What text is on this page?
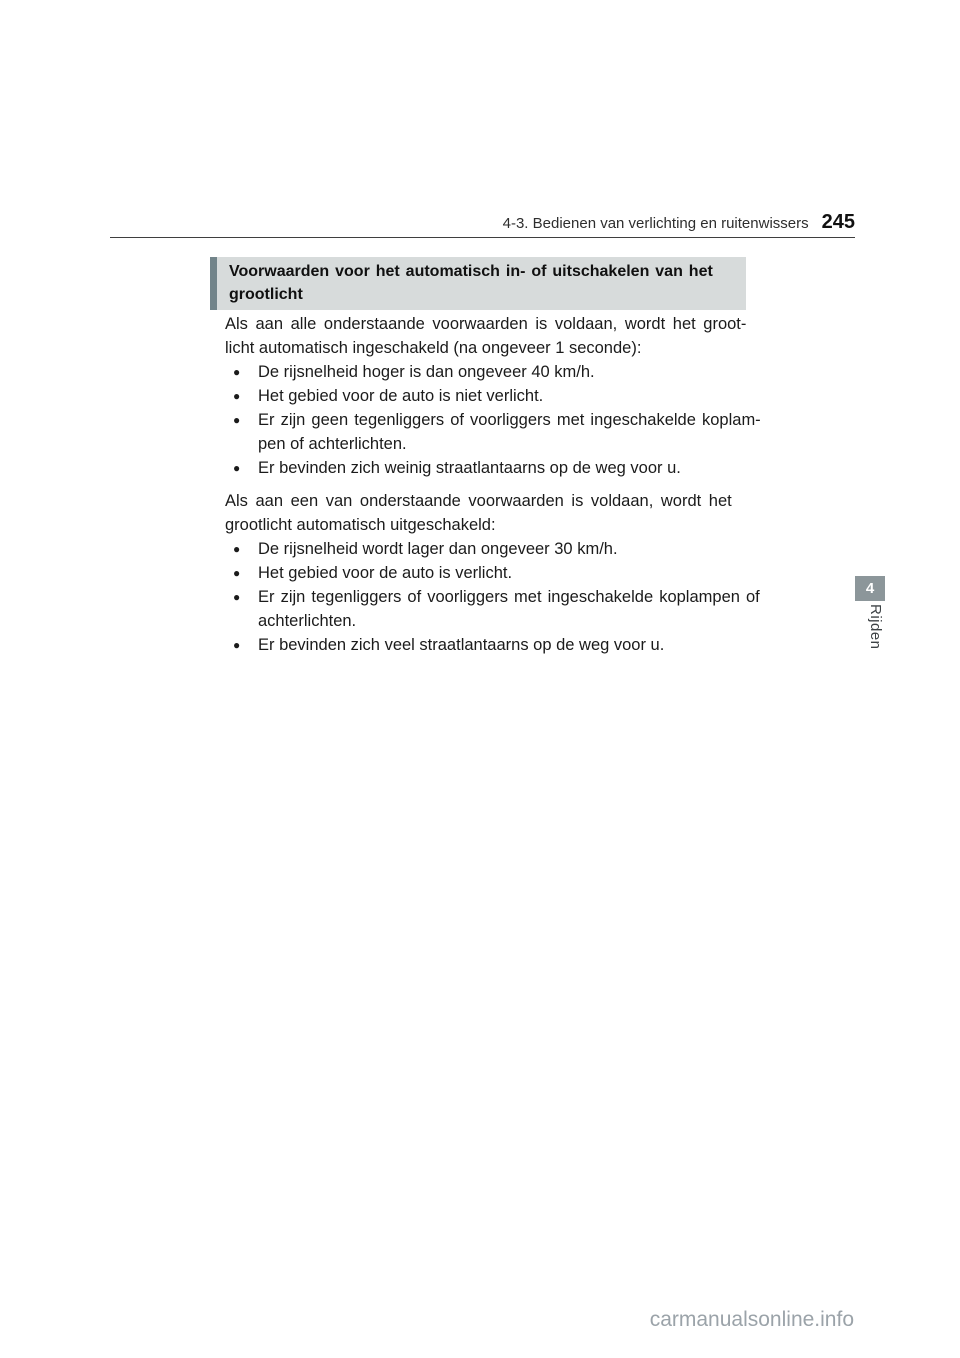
4-3. Bedienen van verlichting en ruitenwissers 245
Voorwaarden voor het automatisch in- of uitschakelen van het
grootlicht

Als aan alle onderstaande voorwaarden is voldaan, wordt het groot- licht automatisch ingeschakeld (na ongeveer 1 seconde):

●	De rijsnelheid hoger is dan ongeveer 40 km/h.
●	Het gebied voor de auto is niet verlicht.
●	Er zijn geen tegenliggers of voorliggers met ingeschakelde koplam-
pen of achterlichten.
●	Er bevinden zich weinig straatlantaarns op de weg voor u.

Als aan een van onderstaande voorwaarden is voldaan, wordt het grootlicht automatisch uitgeschakeld:

●	De rijsnelheid wordt lager dan ongeveer 30 km/h.
●	Het gebied voor de auto is verlicht.
●	Er zijn tegenliggers of voorliggers met ingeschakelde koplampen of
achterlichten.
●	Er bevinden zich veel straatlantaarns op de weg voor u.
4
Rijden
carmanualsonline.info
